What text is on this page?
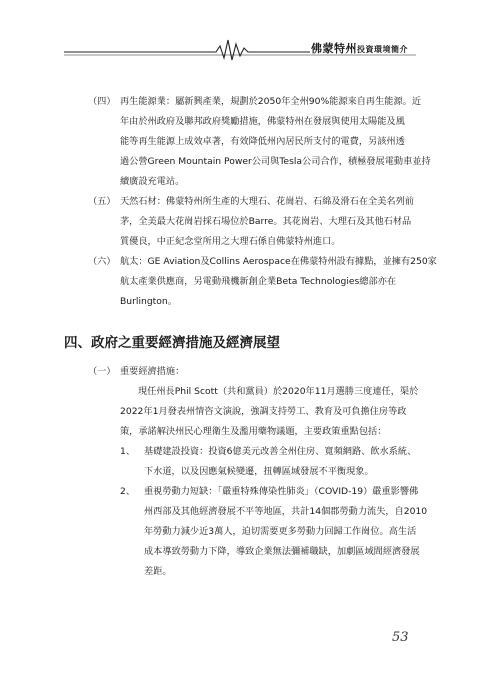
佛蒙特州投資環境簡介
（四） 再生能源業：屬新興產業，規劃於2050年全州90%能源來自再生能源。近
年由於州政府及聯邦政府獎勵措施，佛蒙特州在發展與使用太陽能及風
能等再生能源上成效卓著，有效降低州內居民所支付的電費，另該州透
過公營Green Mountain Power公司與Tesla公司合作，積極發展電動車並持
續廣設充電站。
（五） 天然石材：佛蒙特州所生產的大理石、花崗岩、石綿及滑石在全美名列前
茅，全美最大花崗岩採石場位於Barre。其花崗岩、大理石及其他石材品
質優良，中正紀念堂所用之大理石係自佛蒙特州進口。
（六） 航太：GE Aviation及Collins Aerospace在佛蒙特州設有據點，並擁有250家
航太產業供應商，另電動飛機新創企業Beta Technologies總部亦在
Burlington。
四、政府之重要經濟措施及經濟展望
（一） 重要經濟措施：
現任州長Phil Scott（共和黨員）於2020年11月選勝三度連任，渠於
2022年1月發表州情咨文演說，強調支持勞工、教育及可負擔住房等政
策，承諾解決州民心理衛生及濫用藥物議題，主要政策重點包括：
1、 基礎建設投資：投資6億美元改善全州住房、寬頻網路、飲水系統、
下水道，以及因應氣候變遷，扭轉區域發展不平衡現象。
2、 重視勞動力短缺：「嚴重特殊傳染性肺炎」（COVID-19）嚴重影響佛
州西部及其他經濟發展不平等地區，共計14個郡勞動力流失，自2010
年勞動力減少近3萬人，迫切需要更多勞動力回歸工作崗位。高生活
成本導致勞動力下降，導致企業無法彌補職缺，加劇區域間經濟發展
差距。
53
